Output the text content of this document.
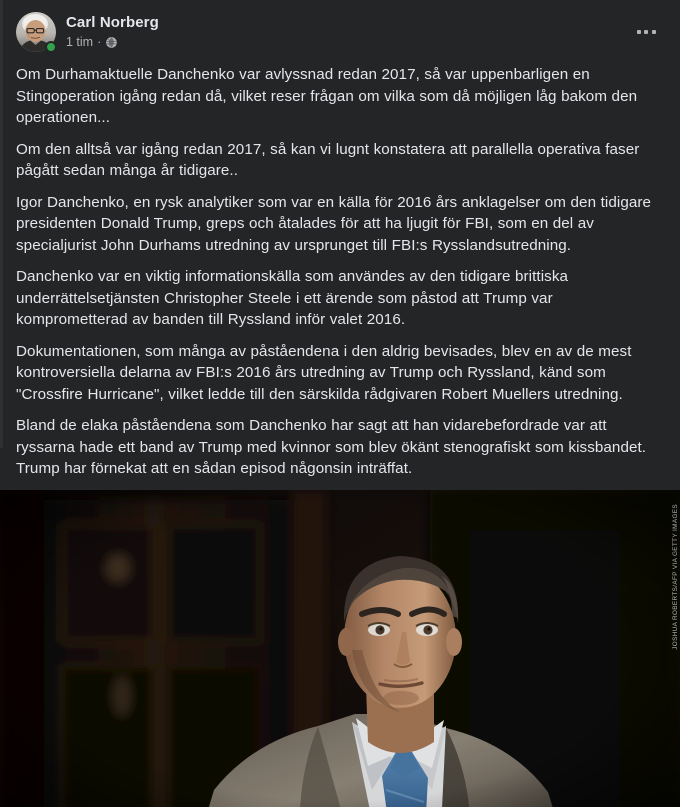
Carl Norberg
1 tim ·

Om Durhamaktuelle Danchenko var avlyssnad redan 2017, så var uppenbarligen en Stingoperation igång redan då, vilket reser frågan om vilka som då möjligen låg bakom den operationen...

Om den alltså var igång redan 2017, så kan vi lugnt konstatera att parallella operativa faser pågått sedan många år tidigare..

Igor Danchenko, en rysk analytiker som var en källa för 2016 års anklagelser om den tidigare presidenten Donald Trump, greps och åtalades för att ha ljugit för FBI, som en del av specialjurist John Durhams utredning av ursprunget till FBI:s Rysslandsutredning.

Danchenko var en viktig informationskälla som användes av den tidigare brittiska underrättelsetjänsten Christopher Steele i ett ärende som påstod att Trump var komprometterad av banden till Ryssland inför valet 2016.

Dokumentationen, som många av påståendena i den aldrig bevisades, blev en av de mest kontroversiella delarna av FBI:s 2016 års utredning av Trump och Ryssland, känd som "Crossfire Hurricane", vilket ledde till den särskilda rådgivaren Robert Muellers utredning.

Bland de elaka påståendena som Danchenko har sagt att han vidarebefordrade var att ryssarna hade ett band av Trump med kvinnor som blev ökänt stenografiskt som kissbandet. Trump har förnekat att en sådan episod någonsin inträffat.

JOSHUA ROBERTS/AFP VIA GETTY IMAGES
